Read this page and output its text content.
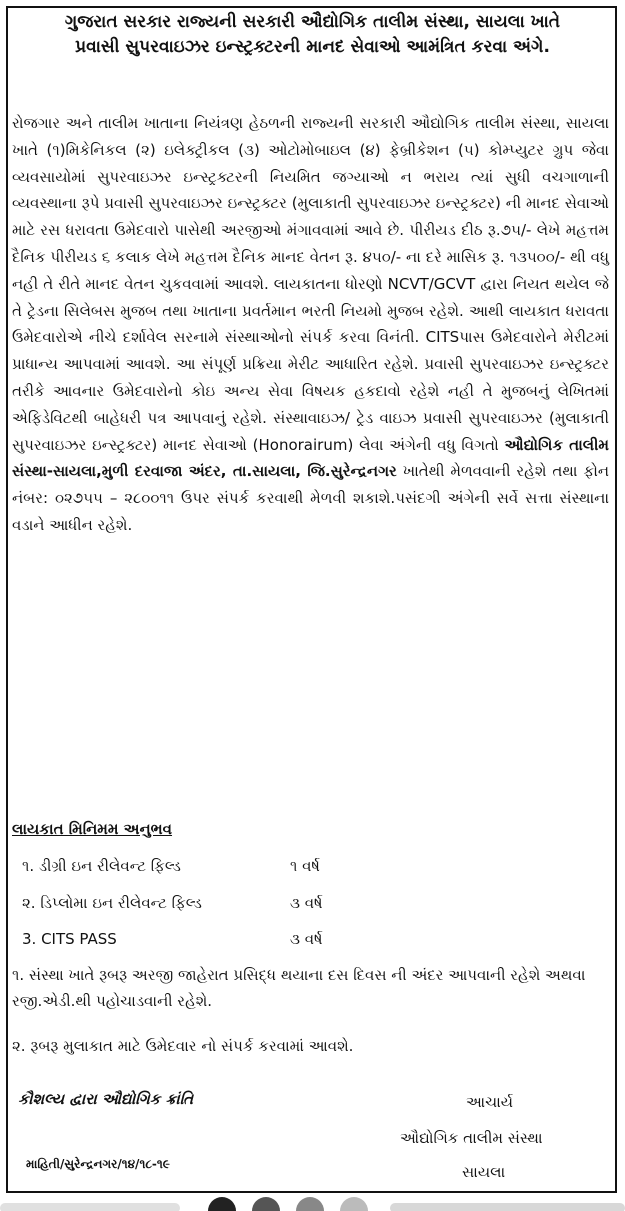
ગુજરાત સરકાર રાજ્યની સરકારી ઔદ્યોગિક તાલીમ સંસ્થા, સાયલા ખાતે
પ્રવાસી સુપરવાઇઝર ઇન્સ્ટ્રક્ટરની માનદ સેવાઓ આમંત્રિત કરવા અંગે.

રોજગાર અને તાલીમ ખાતાના નિયંત્રણ હેઠળની રાજ્યની સરકારી ઔદ્યોગિક તાલીમ સંસ્થા, સાયલા ખાતે (૧)મિકેનિકલ (૨) ઇલેક્ટ્રીકલ (૩) ઓટોમોબાઇલ (૪) ફેબ્રીકેશન (૫) કોમ્પ્યુટર ગ્રુપ જેવા વ્યવસાયોમાં સુપરવાઇઝર ઇન્સ્ટ્રક્ટરની નિયમિત જગ્યાઓ ન ભરાય ત્યાં સુધી વચગાળાની વ્યવસ્થાના રૂપે પ્રવાસી સુપરવાઇઝર ઇન્સ્ટ્રક્ટર (મુલાકાતી સુપરવાઇઝર ઇન્સ્ટ્રક્ટર) ની માનદ સેવાઓ માટે રસ ધરાવતા ઉમેદવારો પાસેથી અરજીઓ મંગાવવામાં આવે છે. પીરીયડ દીઠ રૂ.૭૫/- લેખે મહત્તમ દૈનિક પીરીયડ ૬ કલાક લેખે મહત્તમ દૈનિક માનદ વેતન રૂ. ૪૫૦/- ના દરે માસિક રૂ. ૧૩૫૦૦/- થી વધુ નહી તે રીતે માનદ વેતન ચુકવવામાં આવશે. લાયકાતના ધોરણો NCVT/GCVT દ્વારા નિયત થયેલ જે તે ટ્રેડના સિલેબસ મુજબ તથા ખાતાના પ્રવર્તમાન ભરતી નિયમો મુજબ રહેશે. આથી લાયકાત ધરાવતા ઉમેદવારોએ નીચે દર્શાવેલ સરનામે સંસ્થાઓનો સંપર્ક કરવા વિનંતી. CITSપાસ ઉમેદવારોને મેરીટમાં પ્રાધાન્ય આપવામાં આવશે. આ સંપૂર્ણ પ્રક્રિયા મેરીટ આધારિત રહેશે. પ્રવાસી સુપરવાઇઝર ઇન્સ્ટ્રક્ટર તરીકે આવનાર ઉમેદવારોનો કોઇ અન્ય સેવા વિષયક હકદાવો રહેશે નહી તે મુજબનું લેખિતમાં એફિડેવિટથી બાહેધરી પત્ર આપવાનું રહેશે. સંસ્થાવાઇઝ/ ટ્રેડ વાઇઝ પ્રવાસી સુપરવાઇઝર (મુલાકાતી સુપરવાઇઝર ઇન્સ્ટ્રક્ટર) માનદ સેવાઓ (Honorairum) લેવા અંગેની વધુ વિગતો ઔદ્યોગિક તાલીમ સંસ્થા-સાયલા,મુળી દરવાજા અંદર, તા.સાયલા, જિ.સુરેન્દ્રનગર ખાતેથી મેળવવાની રહેશે તથા ફોન નંબર: ૦૨૭૫૫ – ૨૮૦૦૧૧ ઉપર સંપર્ક કરવાથી મેળવી શકાશે.પસંદગી અંગેની સર્વે સત્તા સંસ્થાના વડાને આધીન રહેશે.

લાયકાત મિનિમમ અનુભવ
૧. ડીગ્રી ઇન રીલેવન્ટ ફિલ્ડ	૧ વર્ષ
૨. ડિપ્લોમા ઇન રીલેવન્ટ ફિલ્ડ	૩ વર્ષ
3. CITS PASS	૩ વર્ષ
૧. સંસ્થા ખાતે રૂબરૂ અરજી જાહેરાત પ્રસિદ્ધ થયાના દસ દિવસ ની અંદર આપવાની રહેશે અથવા રજી.એડી.થી પહોચાડવાની રહેશે.
૨. રૂબરૂ મુલાકાત માટે ઉમેદવાર નો સંપર્ક કરવામાં આવશે.
કૌશલ્ય દ્વારા ઔદ્યોગિક ક્રાંતિ	આચાર્ય
ઔદ્યોગિક તાલીમ સંસ્થા
સાયલા
માહિતી/સુરેન્દ્રનગર/૧૪/૧૮-૧૯
